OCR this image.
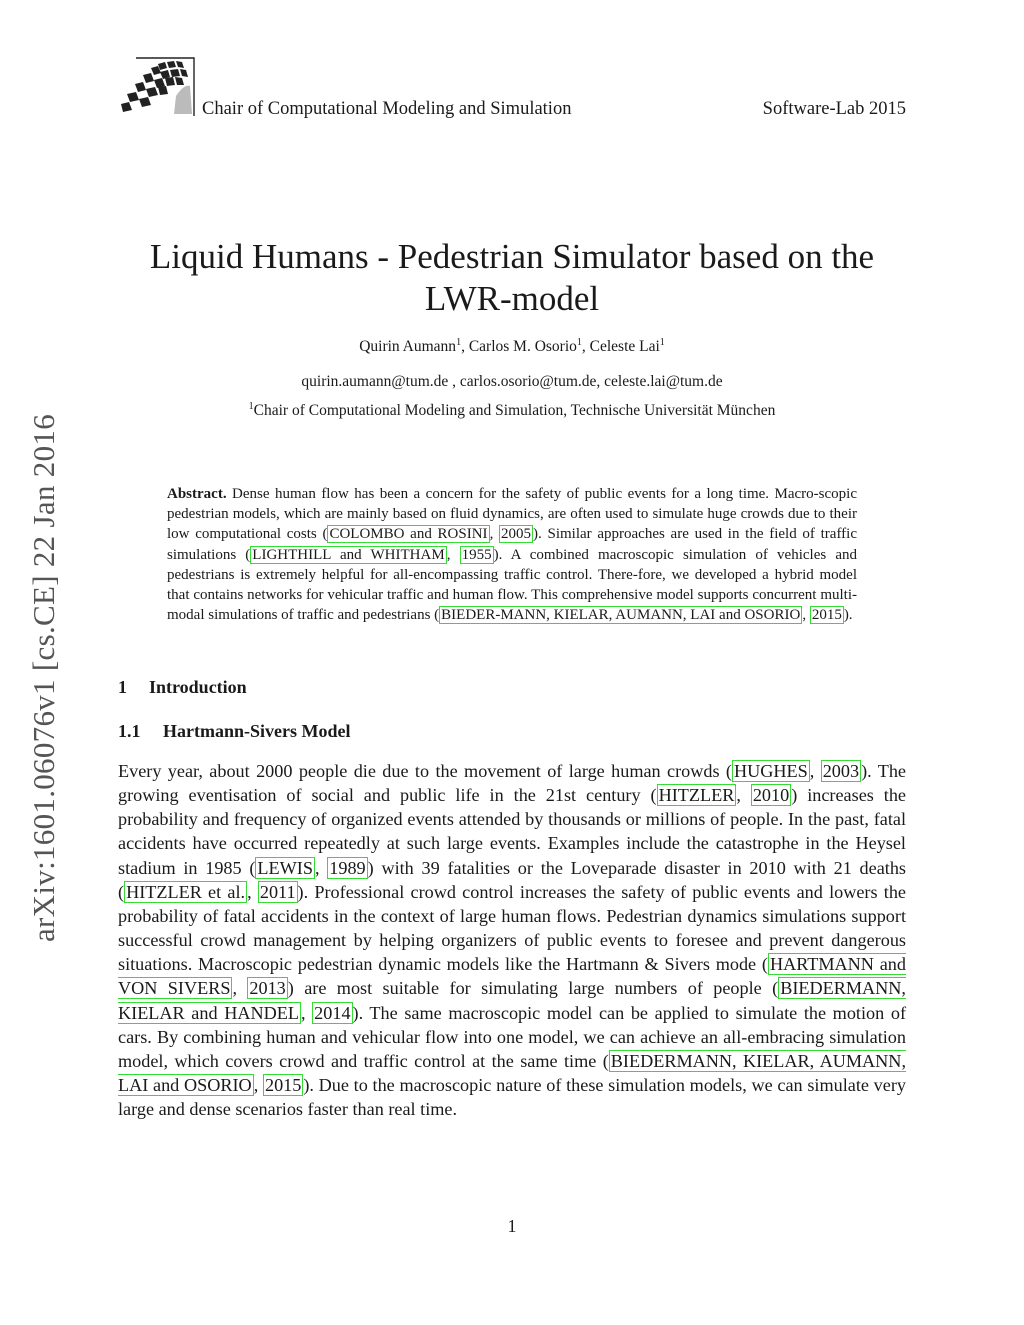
Chair of Computational Modeling and Simulation	Software-Lab 2015
arXiv:1601.06076v1 [cs.CE] 22 Jan 2016
Liquid Humans - Pedestrian Simulator based on the LWR-model
Quirin Aumann$^1$, Carlos M. Osorio$^1$, Celeste Lai$^1$
quirin.aumann@tum.de , carlos.osorio@tum.de, celeste.lai@tum.de
$^1$Chair of Computational Modeling and Simulation, Technische Universität München
Abstract. Dense human flow has been a concern for the safety of public events for a long time. Macro-scopic pedestrian models, which are mainly based on fluid dynamics, are often used to simulate huge crowds due to their low computational costs ( COLOMBO and ROSINI , 2005 ). Similar approaches are used in the field of traffic simulations ( LIGHTHILL and WHITHAM , 1955 ). A combined macroscopic simulation of vehicles and pedestrians is extremely helpful for all-encompassing traffic control. There-fore, we developed a hybrid model that contains networks for vehicular traffic and human flow. This comprehensive model supports concurrent multi-modal simulations of traffic and pedestrians ( BIEDER-MANN, KIELAR, AUMANN, LAI and OSORIO , 2015 ).
1 Introduction
1.1 Hartmann-Sivers Model
Every year, about 2000 people die due to the movement of large human crowds ( HUGHES , 2003 ). The growing eventisation of social and public life in the 21st century ( HITZLER , 2010 ) increases the probability and frequency of organized events attended by thousands or millions of people. In the past, fatal accidents have occurred repeatedly at such large events. Examples include the catastrophe in the Heysel stadium in 1985 ( LEWIS , 1989 ) with 39 fatalities or the Loveparade disaster in 2010 with 21 deaths ( HITZLER et al. , 2011 ). Professional crowd control increases the safety of public events and lowers the probability of fatal accidents in the context of large human flows. Pedestrian dynamics simulations support successful crowd management by helping organizers of public events to foresee and prevent dangerous situations. Macroscopic pedestrian dynamic models like the Hartmann & Sivers mode ( HARTMANN and VON SIVERS , 2013 ) are most suitable for simulating large numbers of people ( BIEDERMANN, KIELAR and HANDEL , 2014 ). The same macroscopic model can be applied to simulate the motion of cars. By combining human and vehicular flow into one model, we can achieve an all-embracing simulation model, which covers crowd and traffic control at the same time ( BIEDERMANN, KIELAR, AUMANN, LAI and OSORIO , 2015 ). Due to the macroscopic nature of these simulation models, we can simulate very large and dense scenarios faster than real time.
1
